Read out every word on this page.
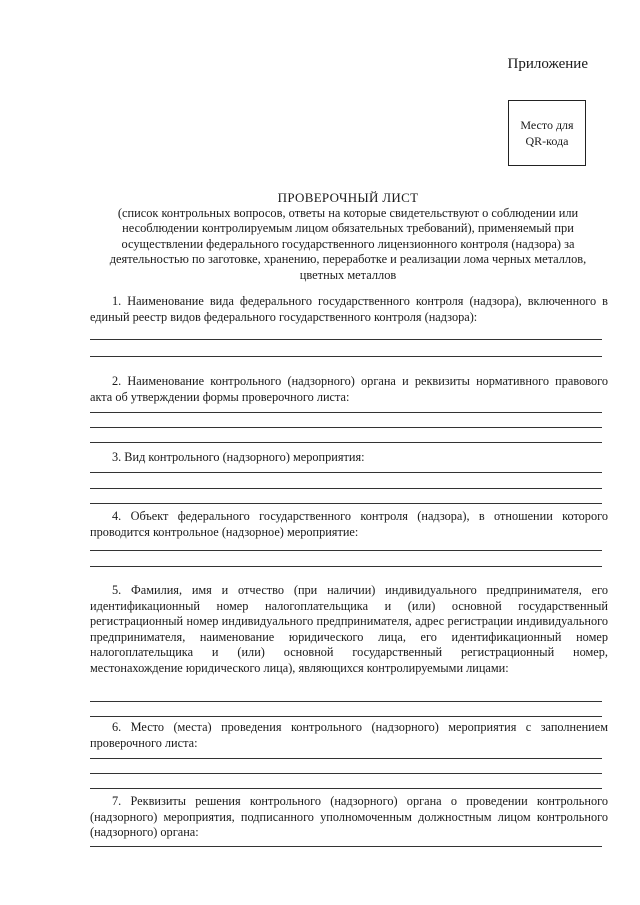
Приложение
Место для QR-кода
ПРОВЕРОЧНЫЙ ЛИСТ
(список контрольных вопросов, ответы на которые свидетельствуют о соблюдении или несоблюдении контролируемым лицом обязательных требований), применяемый при осуществлении федерального государственного лицензионного контроля (надзора) за деятельностью по заготовке, хранению, переработке и реализации лома черных металлов, цветных металлов
1. Наименование вида федерального государственного контроля (надзора), включенного в единый реестр видов федерального государственного контроля (надзора):
2. Наименование контрольного (надзорного) органа и реквизиты нормативного правового акта об утверждении формы проверочного листа:
3. Вид контрольного (надзорного) мероприятия:
4. Объект федерального государственного контроля (надзора), в отношении которого проводится контрольное (надзорное) мероприятие:
5. Фамилия, имя и отчество (при наличии) индивидуального предпринимателя, его идентификационный номер налогоплательщика и (или) основной государственный регистрационный номер индивидуального предпринимателя, адрес регистрации индивидуального предпринимателя, наименование юридического лица, его идентификационный номер налогоплательщика и (или) основной государственный регистрационный номер, местонахождение юридического лица), являющихся контролируемыми лицами:
6. Место (места) проведения контрольного (надзорного) мероприятия с заполнением проверочного листа:
7. Реквизиты решения контрольного (надзорного) органа о проведении контрольного (надзорного) мероприятия, подписанного уполномоченным должностным лицом контрольного (надзорного) органа:
